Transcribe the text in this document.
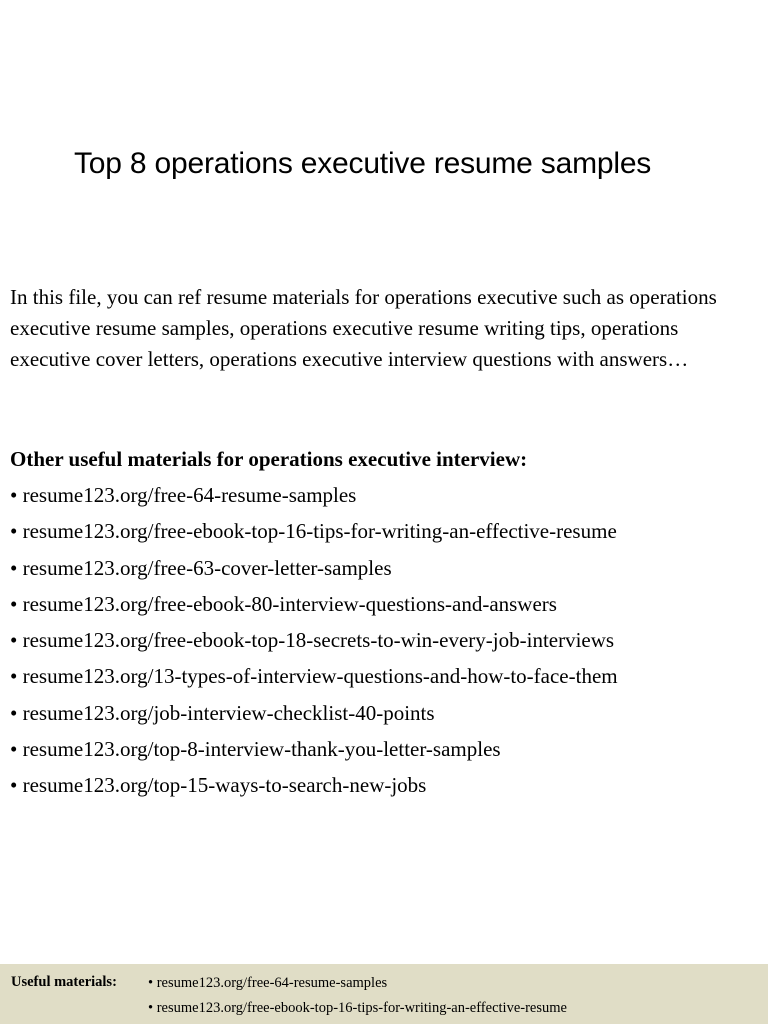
Top 8 operations executive resume samples

In this file, you can ref resume materials for operations executive such as operations executive resume samples, operations executive resume writing tips, operations executive cover letters, operations executive interview questions with answers…

Other useful materials for operations executive interview:
• resume123.org/free-64-resume-samples
• resume123.org/free-ebook-top-16-tips-for-writing-an-effective-resume
• resume123.org/free-63-cover-letter-samples
• resume123.org/free-ebook-80-interview-questions-and-answers
• resume123.org/free-ebook-top-18-secrets-to-win-every-job-interviews
• resume123.org/13-types-of-interview-questions-and-how-to-face-them
• resume123.org/job-interview-checklist-40-points
• resume123.org/top-8-interview-thank-you-letter-samples
• resume123.org/top-15-ways-to-search-new-jobs
Useful materials:
•	resume123.org/free-64-resume-samples
• resume123.org/free-ebook-top-16-tips-for-writing-an-effective-resume
